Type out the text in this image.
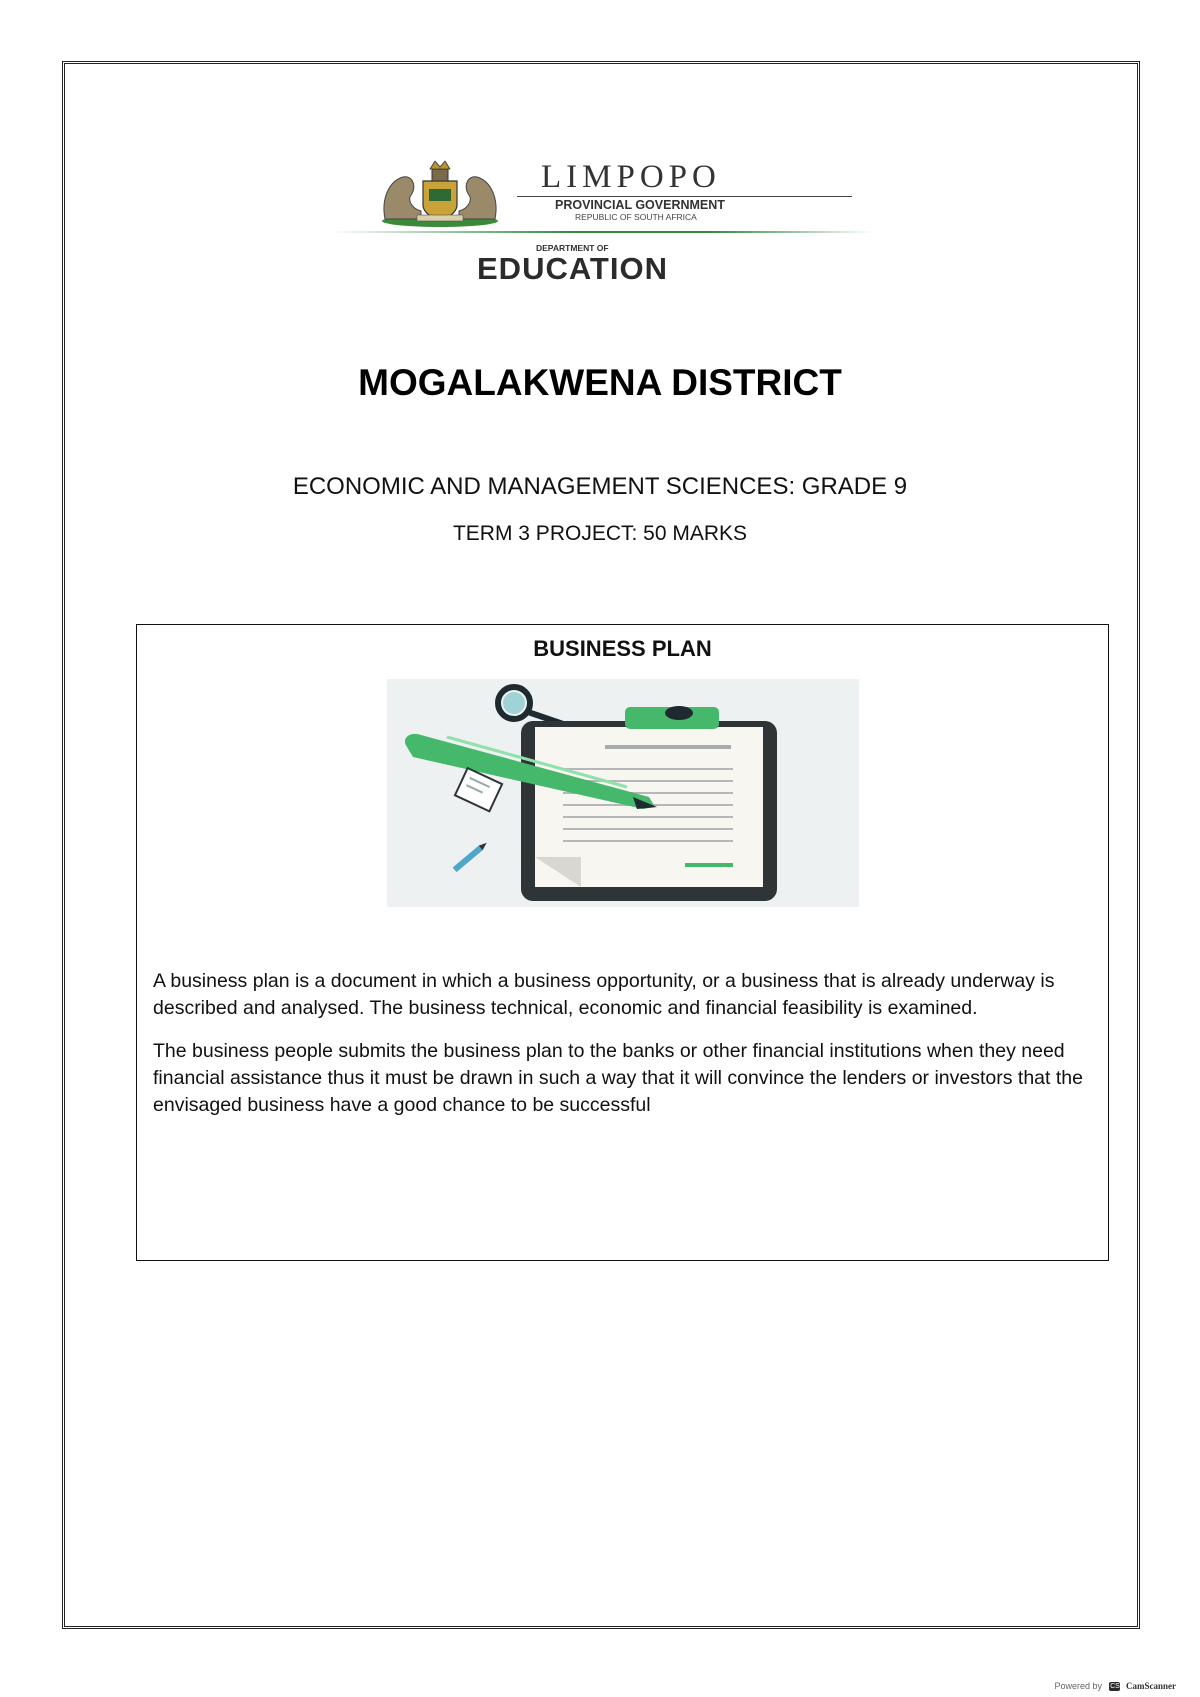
LIMPOPO
PROVINCIAL GOVERNMENT
REPUBLIC OF SOUTH AFRICA
DEPARTMENT OF
EDUCATION
MOGALAKWENA DISTRICT
ECONOMIC AND MANAGEMENT SCIENCES: GRADE 9
TERM 3 PROJECT: 50 MARKS
BUSINESS PLAN

A business plan is a document in which a business opportunity, or a business that is already underway is described and analysed. The business technical, economic and financial feasibility is examined.

The business people submits the business plan to the banks or other financial institutions when they need financial assistance thus it must be drawn in such a way that it will convince the lenders or investors that the envisaged business have a good chance to be successful

Powered by CS CamScanner
